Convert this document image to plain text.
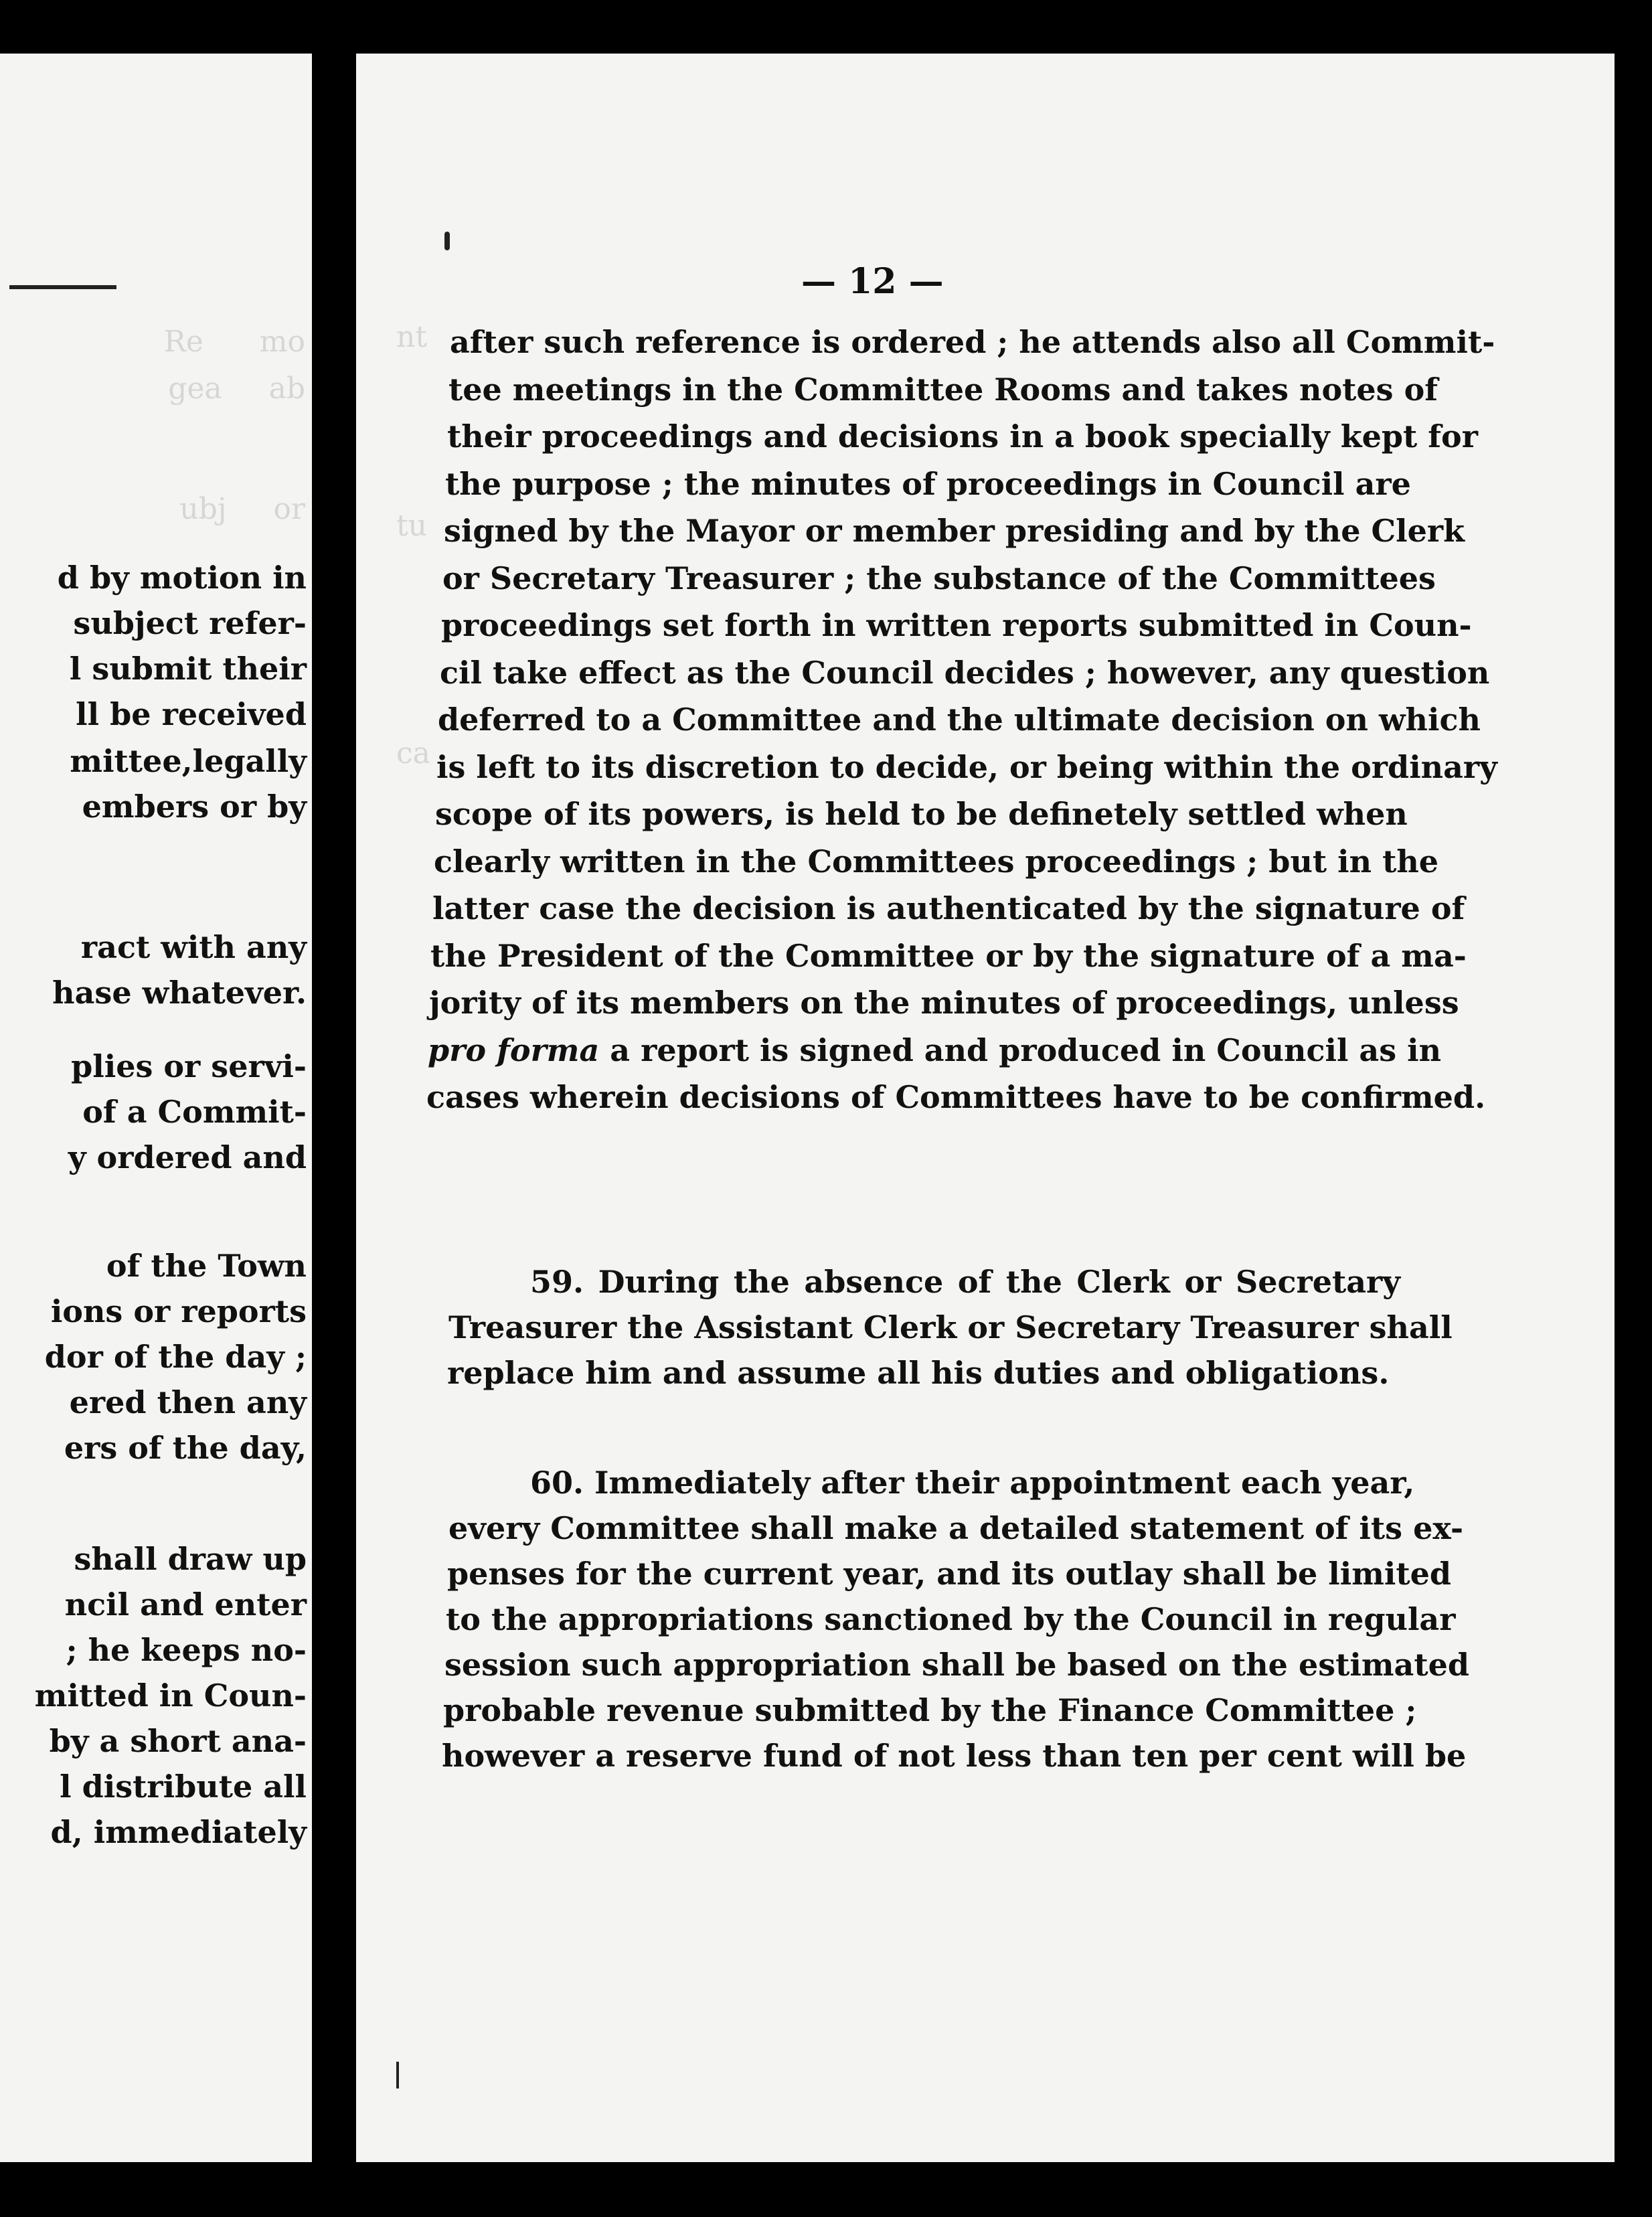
Re      mo
gea     ab
ubj     or
d by motion in
subject refer-
l submit their
ll be received
mittee,legally
embers or by
ract with any
hase whatever.
plies or servi-
of a Commit-
y ordered and
of the Town
ions or reports
dor of the day ;
ered then any
ers of the day,
shall draw up
ncil and enter
; he keeps no-
mitted in Coun-
by a short ana-
l distribute all
d, immediately
— 12 —
nt
tu
ca
after such reference is ordered ; he attends also all Commit-
tee meetings in the Committee Rooms and takes notes of
their proceedings and decisions in a book specially kept for
the purpose ; the minutes of proceedings in Council are
signed by the Mayor or member presiding and by the Clerk
or Secretary Treasurer ; the substance of the Committees
proceedings set forth in written reports submitted in Coun-
cil take effect as the Council decides ; however, any question
deferred to a Committee and the ultimate decision on which
is left to its discretion to decide, or being within the ordinary
scope of its powers, is held to be definetely settled when
clearly written in the Committees proceedings ; but in the
latter case the decision is authenticated by the signature of
the President of the Committee or by the signature of a ma-
jority of its members on the minutes of proceedings, unless
pro forma a report is signed and produced in Council as in
cases wherein decisions of Committees have to be confirmed.
59. During the absence of the Clerk or Secretary
Treasurer the Assistant Clerk or Secretary Treasurer shall
replace him and assume all his duties and obligations.
60. Immediately after their appointment each year,
every Committee shall make a detailed statement of its ex-
penses for the current year, and its outlay shall be limited
to the appropriations sanctioned by the Council in regular
session such appropriation shall be based on the estimated
probable revenue submitted by the Finance Committee ;
however a reserve fund of not less than ten per cent will be
